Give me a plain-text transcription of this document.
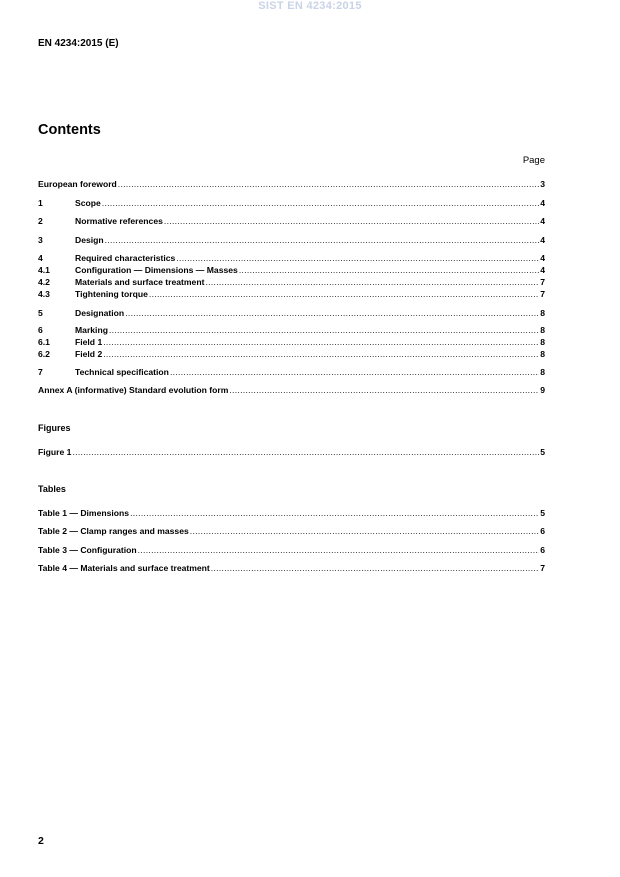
SIST EN 4234:2015
EN 4234:2015 (E)
Contents
Page
European foreword .....	3
1	Scope .....	4
2	Normative references .....	4
3	Design .....	4
4	Required characteristics .....	4
4.1	Configuration — Dimensions — Masses .....	4
4.2	Materials and surface treatment .....	7
4.3	Tightening torque .....	7
5	Designation .....	8
6	Marking .....	8
6.1	Field 1 .....	8
6.2	Field 2 .....	8
7	Technical specification .....	8
Annex A (informative) Standard evolution form .....	9
Figures
Figure 1 .....	5
Tables
Table 1 — Dimensions .....	5
Table 2 — Clamp ranges and masses .....	6
Table 3 — Configuration .....	6
Table 4 — Materials and surface treatment .....	7
2
